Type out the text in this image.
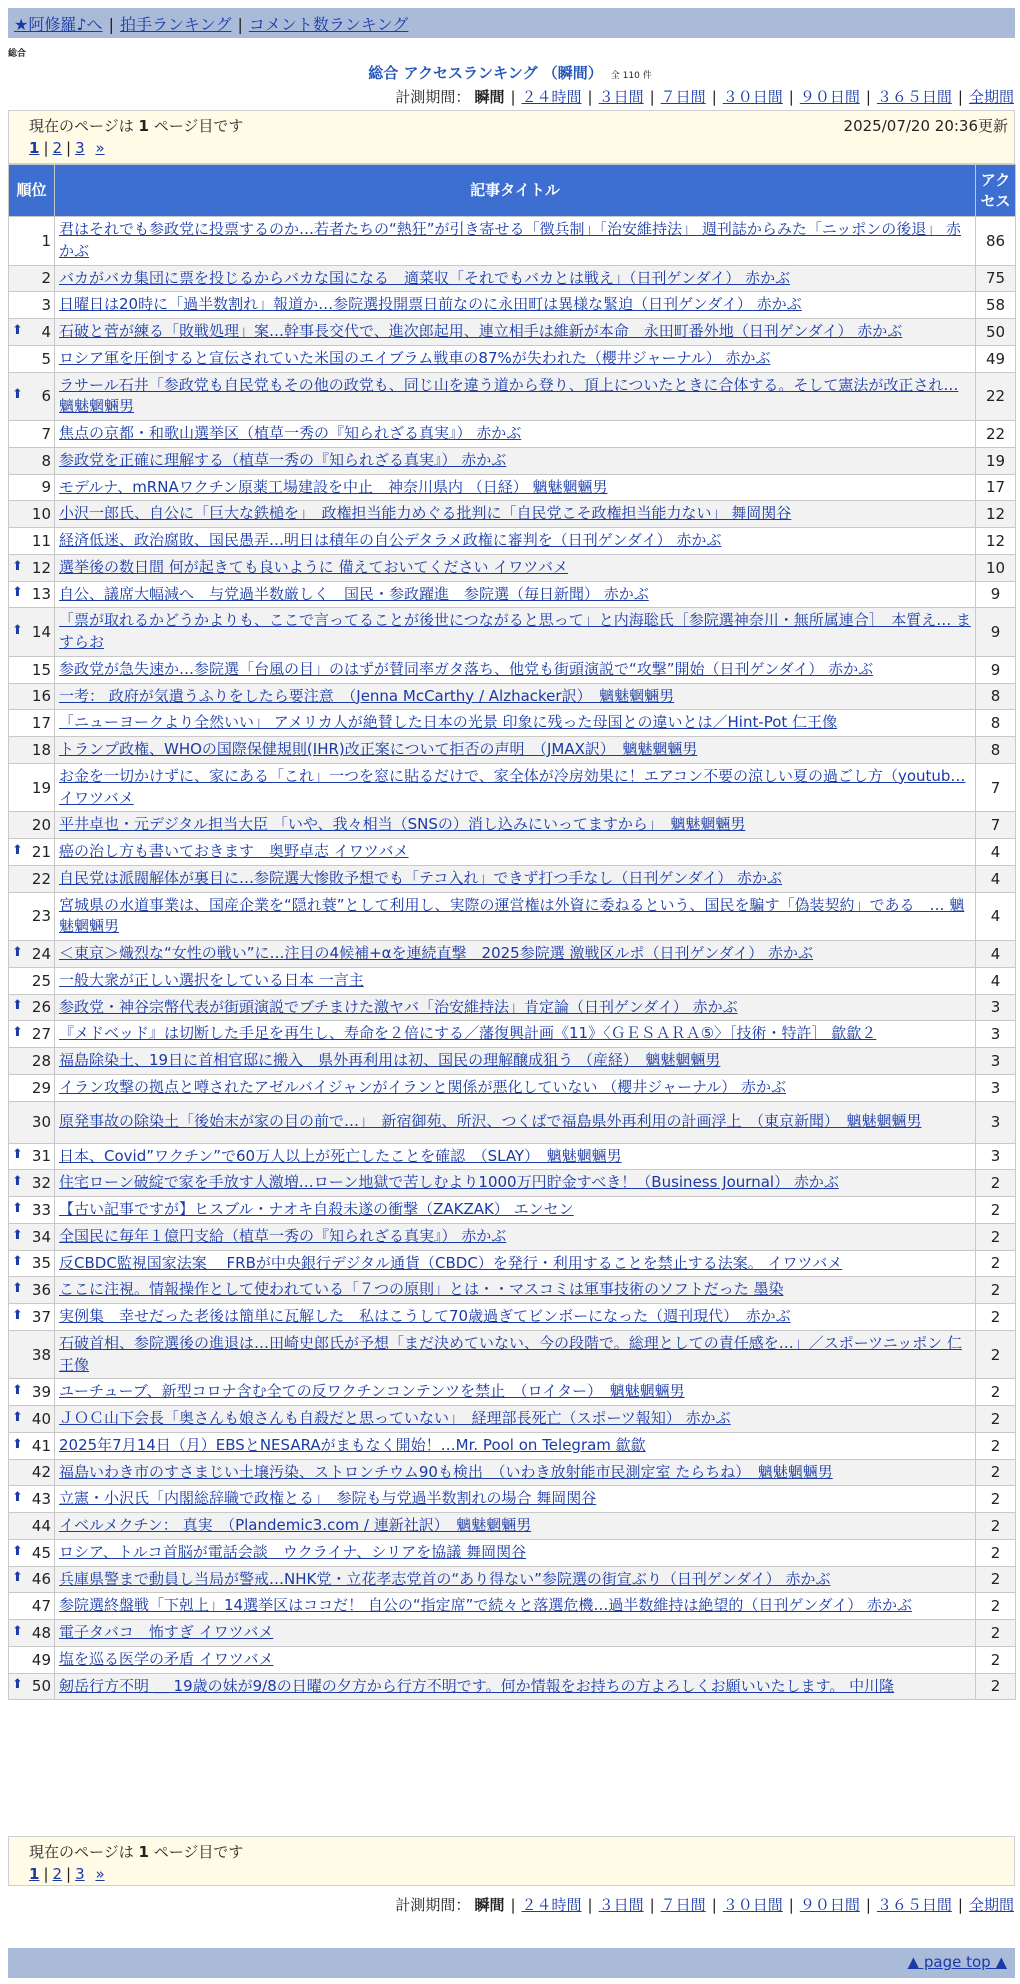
★阿修羅♪へ | 拍手ランキング | コメント数ランキング
総合
総合 アクセスランキング （瞬間） 全 110 件
計測期間： 瞬間 | ２４時間 | ３日間 | ７日間 | ３０日間 | ９０日間 | ３６５日間 | 全期間
現在のページは 1 ページ目です	2025/07/20 20:36更新
1 | 2 | 3 »
順位	記事タイトル	アクセス
1	君はそれでも参政党に投票するのか…若者たちの“熱狂”が引き寄せる「徴兵制」「治安維持法」 週刊誌からみた「ニッポンの後退」 赤かぶ	86
2	バカがバカ集団に票を投じるからバカな国になる　適菜収「それでもバカとは戦え」（日刊ゲンダイ） 赤かぶ	75
3	日曜日は20時に「過半数割れ」報道か…参院選投開票日前なのに永田町は異様な緊迫（日刊ゲンダイ） 赤かぶ	58

⬆ 4	石破と菅が練る「敗戦処理」案…幹事長交代で、進次郎起用、連立相手は維新が本命　永田町番外地（日刊ゲンダイ） 赤かぶ	50
5	ロシア軍を圧倒すると宣伝されていた米国のエイブラム戦車の87%が失われた（櫻井ジャーナル） 赤かぶ	49

⬆ 6	ラサール石井「参政党も自民党もその他の政党も、同じ山を違う道から登り、頂上についたときに合体する。そして憲法が改正され… 魑魅魍魎男	22
7	焦点の京都・和歌山選挙区（植草一秀の『知られざる真実』） 赤かぶ	22
8	参政党を正確に理解する（植草一秀の『知られざる真実』） 赤かぶ	19
9	モデルナ、mRNAワクチン原薬工場建設を中止　神奈川県内 （日経） 魑魅魍魎男	17
10	小沢一郎氏、自公に「巨大な鉄槌を」　政権担当能力めぐる批判に「自民党こそ政権担当能力ない」 舞岡関谷	12
11	経済低迷、政治腐敗、国民愚弄…明日は積年の自公デタラメ政権に審判を（日刊ゲンダイ） 赤かぶ	12

⬆ 12	選挙後の数日間 何が起きても良いように 備えておいてください イワツバメ	10

⬆ 13	自公、議席大幅減へ　与党過半数厳しく　国民・参政躍進　参院選（毎日新聞） 赤かぶ	9

⬆ 14	「票が取れるかどうかよりも、ここで言ってることが後世につながると思って」と内海聡氏［参院選神奈川・無所属連合］　本質え… ますらお	9
15	参政党が急失速か…参院選「台風の目」のはずが賛同率ガタ落ち、他党も街頭演説で“攻撃”開始（日刊ゲンダイ） 赤かぶ	9
16	一考： 政府が気遣うふりをしたら要注意　（Jenna McCarthy / Alzhacker訳）　魑魅魍魎男	8
17	「ニューヨークより全然いい」 アメリカ人が絶賛した日本の光景 印象に残った母国との違いとは／Hint-Pot 仁王像	8
18	トランプ政権、WHOの国際保健規則(IHR)改正案について拒否の声明　（JMAX訳）　魑魅魍魎男	8
19	お金を一切かけずに、家にある「これ」一つを窓に貼るだけで、家全体が冷房効果に！エアコン不要の涼しい夏の過ごし方（youtub… イワツバメ	7
20	平井卓也・元デジタル担当大臣 「いや、我々相当（SNSの）消し込みにいってますから」　魑魅魍魎男	7

⬆ 21	癌の治し方も書いておきます　奥野卓志 イワツバメ	4
22	自民党は派閥解体が裏目に…参院選大惨敗予想でも「テコ入れ」できず打つ手なし（日刊ゲンダイ） 赤かぶ	4
23	宮城県の水道事業は、国産企業を“隠れ蓑”として利用し、実際の運営権は外資に委ねるという、国民を騙す「偽装契約」である　… 魑魅魍魎男	4

⬆ 24	＜東京＞熾烈な“女性の戦い”に…注目の4候補+αを連続直撃　2025参院選 激戦区ルポ（日刊ゲンダイ） 赤かぶ	4
25	一般大衆が正しい選択をしている日本 一言主	4

⬆ 26	参政党・神谷宗幣代表が街頭演説でブチまけた激ヤバ「治安維持法」肯定論（日刊ゲンダイ） 赤かぶ	3

⬆ 27	『メドベッド』は切断した手足を再生し、寿命を２倍にする／藩復興計画《11》〈ＧＥＳＡＲＡ⑤〉［技術・特許］ 歙歙２	3
28	福島除染土、19日に首相官邸に搬入　県外再利用は初、国民の理解醸成狙う （産経）　魑魅魍魎男	3
29	イラン攻撃の拠点と噂されたアゼルバイジャンがイランと関係が悪化していない （櫻井ジャーナル） 赤かぶ	3
30	原発事故の除染土「後始末が家の目の前で…」　新宿御苑、所沢、つくばで福島県外再利用の計画浮上　（東京新聞）　魑魅魍魎男	3

⬆ 31	日本、Covid”ワクチン”で60万人以上が死亡したことを確認　（SLAY）　魑魅魍魎男	3

⬆ 32	住宅ローン破綻で家を手放す人激増…ローン地獄で苦しむより1000万円貯金すべき！（Business Journal） 赤かぶ	2

⬆ 33	【古い記事ですが】ヒスブル・ナオキ自殺未遂の衝撃（ZAKZAK） エンセン	2

⬆ 34	全国民に毎年１億円支給（植草一秀の『知られざる真実』） 赤かぶ	2

⬆ 35	反CBDC監視国家法案　 FRBが中央銀行デジタル通貨（CBDC）を発行・利用することを禁止する法案。 イワツバメ	2

⬆ 36	ここに注視。情報操作として使われている「７つの原則」とは・・マスコミは軍事技術のソフトだった 墨染	2

⬆ 37	実例集　幸せだった老後は簡単に瓦解した　私はこうして70歳過ぎてビンボーになった（週刊現代）　赤かぶ	2
38	石破首相、参院選後の進退は…田崎史郎氏が予想「まだ決めていない、今の段階で。総理としての責任感を…」／スポーツニッポン 仁王像	2

⬆ 39	ユーチューブ、新型コロナ含む全ての反ワクチンコンテンツを禁止　（ロイター）　魑魅魍魎男	2

⬆ 40	ＪＯＣ山下会長「奥さんも娘さんも自殺だと思っていない」　経理部長死亡（スポーツ報知） 赤かぶ	2

⬆ 41	2025年7月14日（月）EBSとNESARAがまもなく開始！…Mr. Pool on Telegram 歙歙	2
42	福島いわき市のすさまじい土壌汚染、ストロンチウム90も検出　（いわき放射能市民測定室 たらちね）　魑魅魍魎男	2

⬆ 43	立憲・小沢氏「内閣総辞職で政権とる」　参院も与党過半数割れの場合 舞岡関谷	2
44	イベルメクチン： 真実　（Plandemic3.com / 連新社訳）　魑魅魍魎男	2

⬆ 45	ロシア、トルコ首脳が電話会談　ウクライナ、シリアを協議 舞岡関谷	2

⬆ 46	兵庫県警まで動員し当局が警戒…NHK党・立花孝志党首の“あり得ない”参院選の街宣ぶり（日刊ゲンダイ） 赤かぶ	2
47	参院選終盤戦「下剋上」14選挙区はココだ！ 自公の“指定席”で続々と落選危機…過半数維持は絶望的（日刊ゲンダイ） 赤かぶ	2

⬆ 48	電子タバコ　怖すぎ イワツバメ	2
49	塩を巡る医学の矛盾 イワツバメ	2

⬆ 50	剱岳行方不明 ＿ 19歳の妹が9/8の日曜の夕方から行方不明です。何か情報をお持ちの方よろしくお願いいたします。 中川隆	2
現在のページは 1 ページ目です
1 | 2 | 3 »
計測期間： 瞬間 | ２４時間 | ３日間 | ７日間 | ３０日間 | ９０日間 | ３６５日間 | 全期間
▲ page top ▲
